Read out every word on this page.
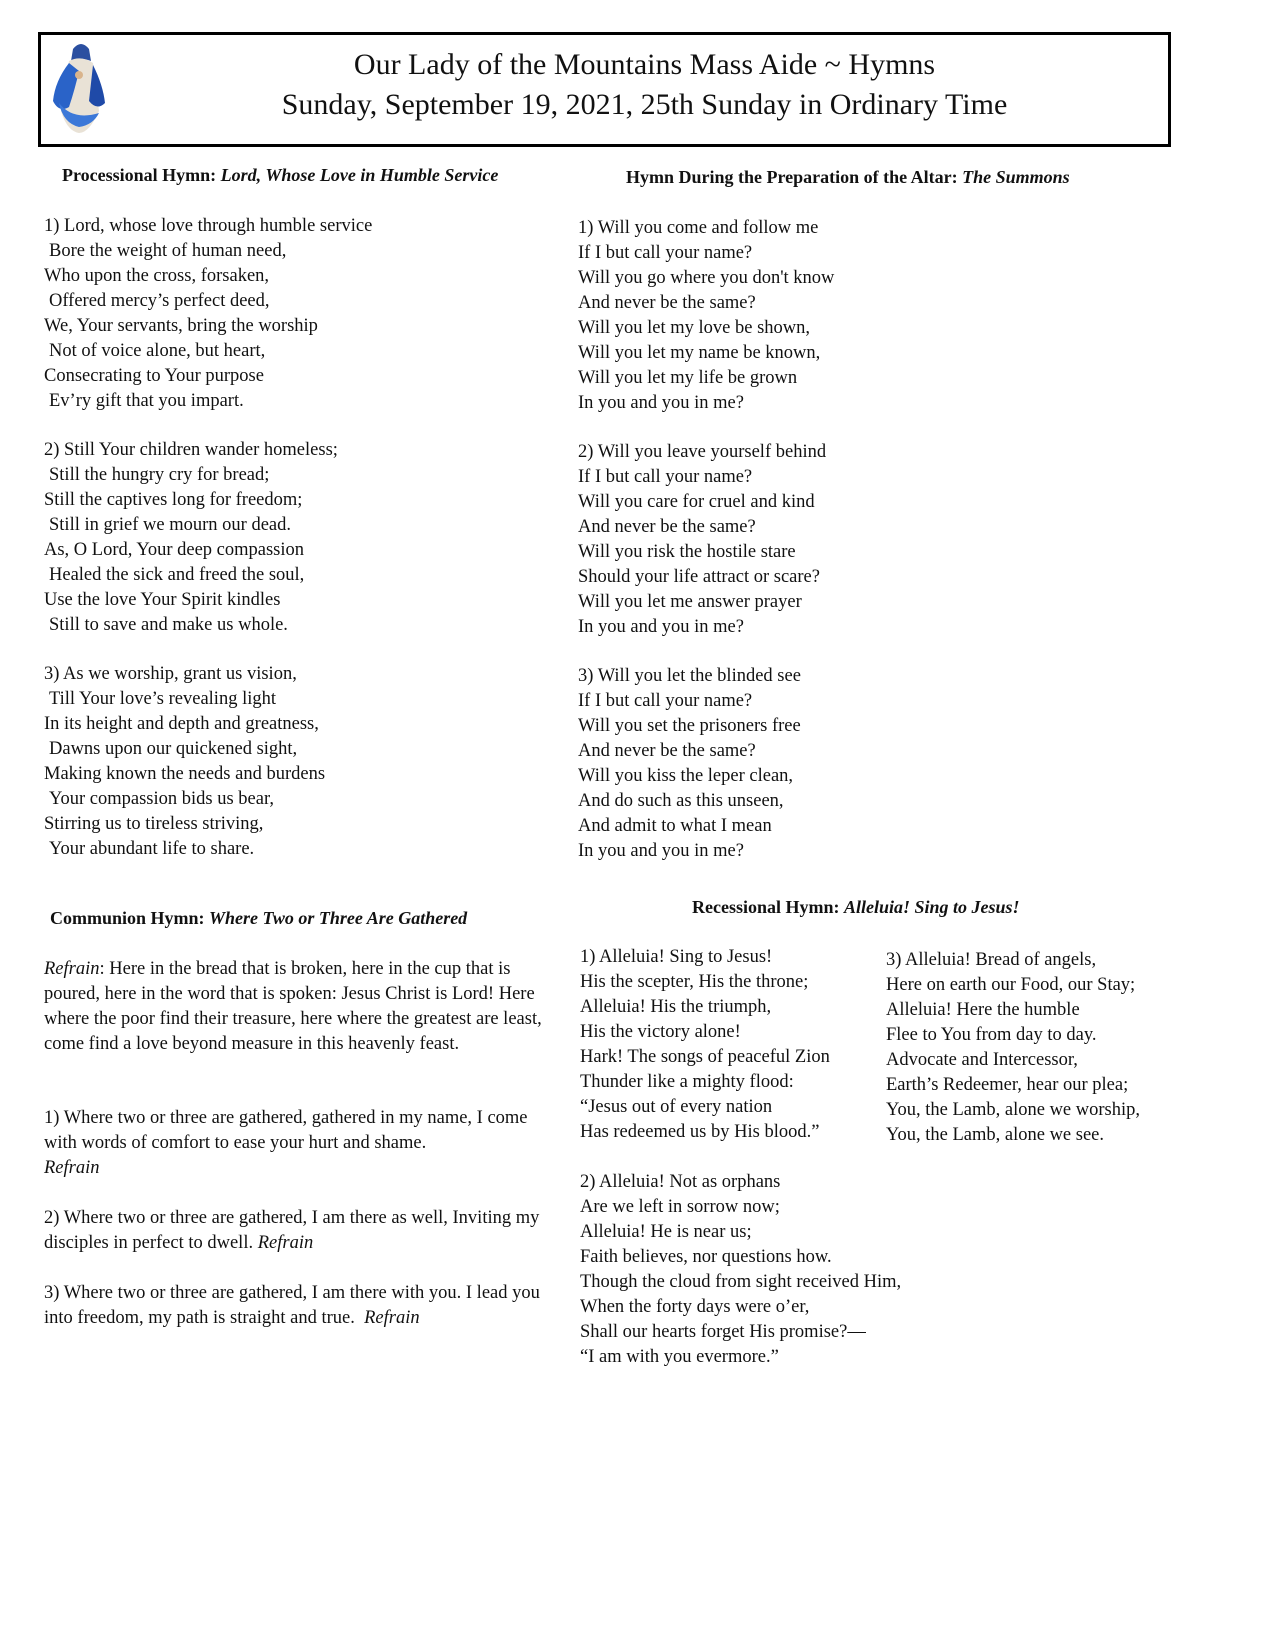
Our Lady of the Mountains Mass Aide ~ Hymns
Sunday, September 19, 2021, 25th Sunday in Ordinary Time
Processional Hymn: Lord, Whose Love in Humble Service
1) Lord, whose love through humble service
Bore the weight of human need,
Who upon the cross, forsaken,
Offered mercy’s perfect deed,
We, Your servants, bring the worship
Not of voice alone, but heart,
Consecrating to Your purpose
Ev’ry gift that you impart.
2) Still Your children wander homeless;
Still the hungry cry for bread;
Still the captives long for freedom;
Still in grief we mourn our dead.
As, O Lord, Your deep compassion
Healed the sick and freed the soul,
Use the love Your Spirit kindles
Still to save and make us whole.
3) As we worship, grant us vision,
Till Your love’s revealing light
In its height and depth and greatness,
Dawns upon our quickened sight,
Making known the needs and burdens
Your compassion bids us bear,
Stirring us to tireless striving,
Your abundant life to share.
Hymn During the Preparation of the Altar: The Summons
1) Will you come and follow me
If I but call your name?
Will you go where you don't know
And never be the same?
Will you let my love be shown,
Will you let my name be known,
Will you let my life be grown
In you and you in me?
2) Will you leave yourself behind
If I but call your name?
Will you care for cruel and kind
And never be the same?
Will you risk the hostile stare
Should your life attract or scare?
Will you let me answer prayer
In you and you in me?
3) Will you let the blinded see
If I but call your name?
Will you set the prisoners free
And never be the same?
Will you kiss the leper clean,
And do such as this unseen,
And admit to what I mean
In you and you in me?
Communion Hymn: Where Two or Three Are Gathered
Refrain: Here in the bread that is broken, here in the cup that is poured, here in the word that is spoken: Jesus Christ is Lord! Here where the poor find their treasure, here where the greatest are least, come find a love beyond measure in this heavenly feast.
1) Where two or three are gathered, gathered in my name, I come with words of comfort to ease your hurt and shame.
Refrain
2) Where two or three are gathered, I am there as well, Inviting my disciples in perfect to dwell. Refrain
3) Where two or three are gathered, I am there with you. I lead you into freedom, my path is straight and true. Refrain
Recessional Hymn: Alleluia! Sing to Jesus!
1) Alleluia! Sing to Jesus!
His the scepter, His the throne;
Alleluia! His the triumph,
His the victory alone!
Hark! The songs of peaceful Zion
Thunder like a mighty flood:
“Jesus out of every nation
Has redeemed us by His blood.”
3) Alleluia! Bread of angels,
Here on earth our Food, our Stay;
Alleluia! Here the humble
Flee to You from day to day.
Advocate and Intercessor,
Earth’s Redeemer, hear our plea;
You, the Lamb, alone we worship,
You, the Lamb, alone we see.
2) Alleluia! Not as orphans
Are we left in sorrow now;
Alleluia! He is near us;
Faith believes, nor questions how.
Though the cloud from sight received Him,
When the forty days were o’er,
Shall our hearts forget His promise?—
“I am with you evermore.”
